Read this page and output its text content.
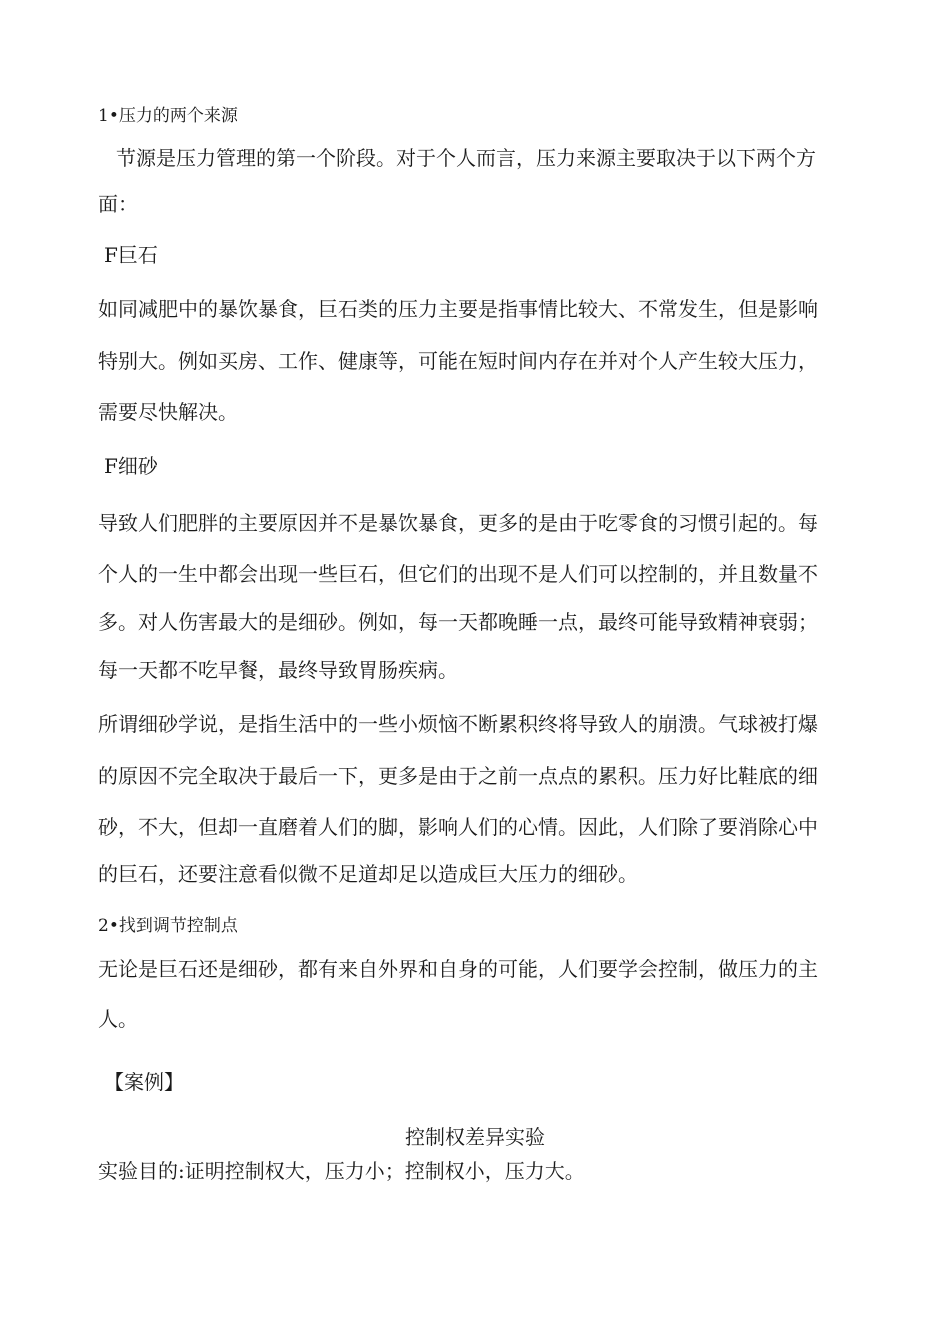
1•压力的两个来源
节源是压力管理的第一个阶段。对于个人而言，压力来源主要取决于以下两个方
面：
F巨石
如同减肥中的暴饮暴食，巨石类的压力主要是指事情比较大、不常发生，但是影响
特别大。例如买房、工作、健康等，可能在短时间内存在并对个人产生较大压力，
需要尽快解决。
F细砂
导致人们肥胖的主要原因并不是暴饮暴食，更多的是由于吃零食的习惯引起的。每
个人的一生中都会出现一些巨石，但它们的出现不是人们可以控制的，并且数量不
多。对人伤害最大的是细砂。例如，每一天都晚睡一点，最终可能导致精神衰弱；
每一天都不吃早餐，最终导致胃肠疾病。
所谓细砂学说，是指生活中的一些小烦恼不断累积终将导致人的崩溃。气球被打爆
的原因不完全取决于最后一下，更多是由于之前一点点的累积。压力好比鞋底的细
砂，不大，但却一直磨着人们的脚，影响人们的心情。因此，人们除了要消除心中
的巨石，还要注意看似微不足道却足以造成巨大压力的细砂。
2•找到调节控制点
无论是巨石还是细砂，都有来自外界和自身的可能，人们要学会控制，做压力的主
人。
【案例】
控制权差异实验
实验目的:证明控制权大，压力小；控制权小，压力大。
